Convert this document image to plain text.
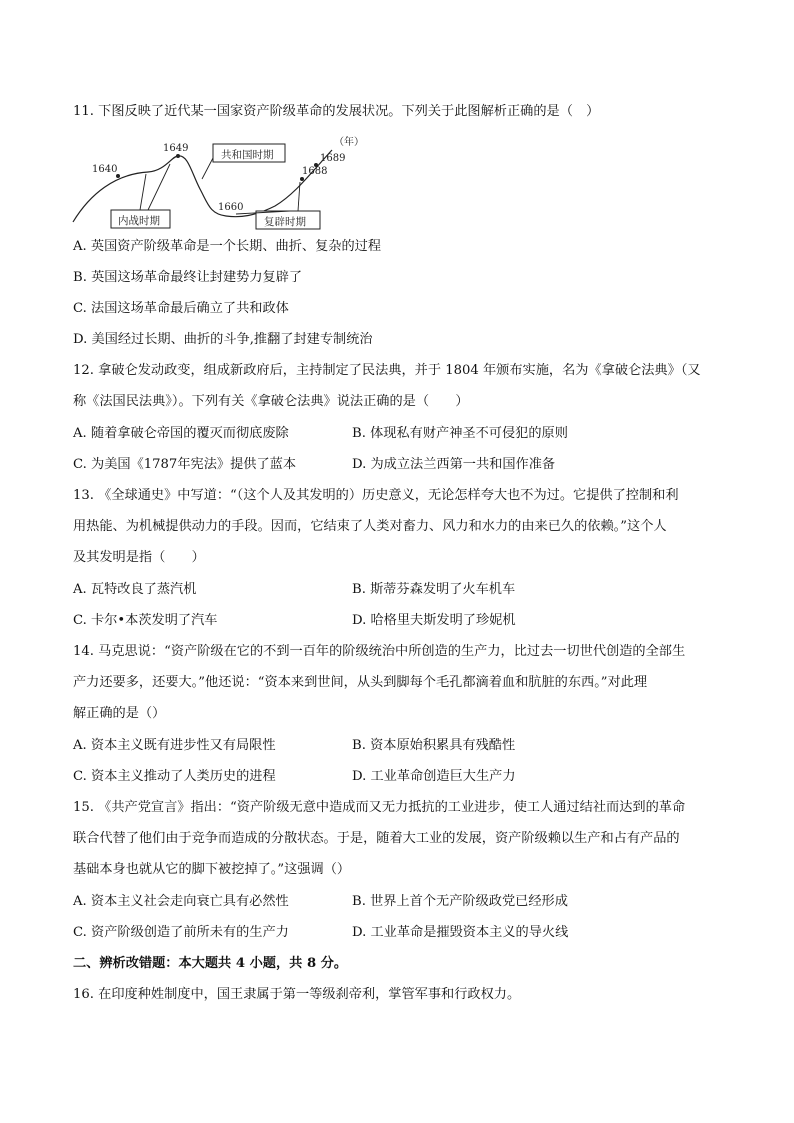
11. 下图反映了近代某一国家资产阶级革命的发展状况。下列关于此图解析正确的是（　）
1640
1649
1660
1688
1689
（年）
内战时期
共和国时期
复辟时期
A. 英国资产阶级革命是一个长期、曲折、复杂的过程
B. 英国这场革命最终让封建势力复辟了
C. 法国这场革命最后确立了共和政体
D. 美国经过长期、曲折的斗争,推翻了封建专制统治
12. 拿破仑发动政变，组成新政府后，主持制定了民法典，并于 1804 年颁布实施，名为《拿破仑法典》（又
称《法国民法典》）。下列有关《拿破仑法典》说法正确的是（　　）
A. 随着拿破仑帝国的覆灭而彻底废除	B. 体现私有财产神圣不可侵犯的原则
C. 为美国《1787年宪法》提供了蓝本	D. 为成立法兰西第一共和国作准备
13. 《全球通史》中写道：“（这个人及其发明的）历史意义，无论怎样夸大也不为过。它提供了控制和利
用热能、为机械提供动力的手段。因而，它结束了人类对畜力、风力和水力的由来已久的依赖。”这个人
及其发明是指（　　）
A. 瓦特改良了蒸汽机	B. 斯蒂芬森发明了火车机车
C. 卡尔•本茨发明了汽车	D. 哈格里夫斯发明了珍妮机
14. 马克思说：“资产阶级在它的不到一百年的阶级统治中所创造的生产力，比过去一切世代创造的全部生
产力还要多，还要大。”他还说：“资本来到世间，从头到脚每个毛孔都滴着血和肮脏的东西。”对此理
解正确的是（）
A. 资本主义既有进步性又有局限性	B. 资本原始积累具有残酷性
C. 资本主义推动了人类历史的进程	D. 工业革命创造巨大生产力
15. 《共产党宣言》指出：“资产阶级无意中造成而又无力抵抗的工业进步，使工人通过结社而达到的革命
联合代替了他们由于竞争而造成的分散状态。于是，随着大工业的发展，资产阶级赖以生产和占有产品的
基础本身也就从它的脚下被挖掉了。”这强调（）
A. 资本主义社会走向衰亡具有必然性	B. 世界上首个无产阶级政党已经形成
C. 资产阶级创造了前所未有的生产力	D. 工业革命是摧毁资本主义的导火线
二、辨析改错题：本大题共 4 小题，共 8 分。
16. 在印度种姓制度中，国王隶属于第一等级刹帝利，掌管军事和行政权力。
